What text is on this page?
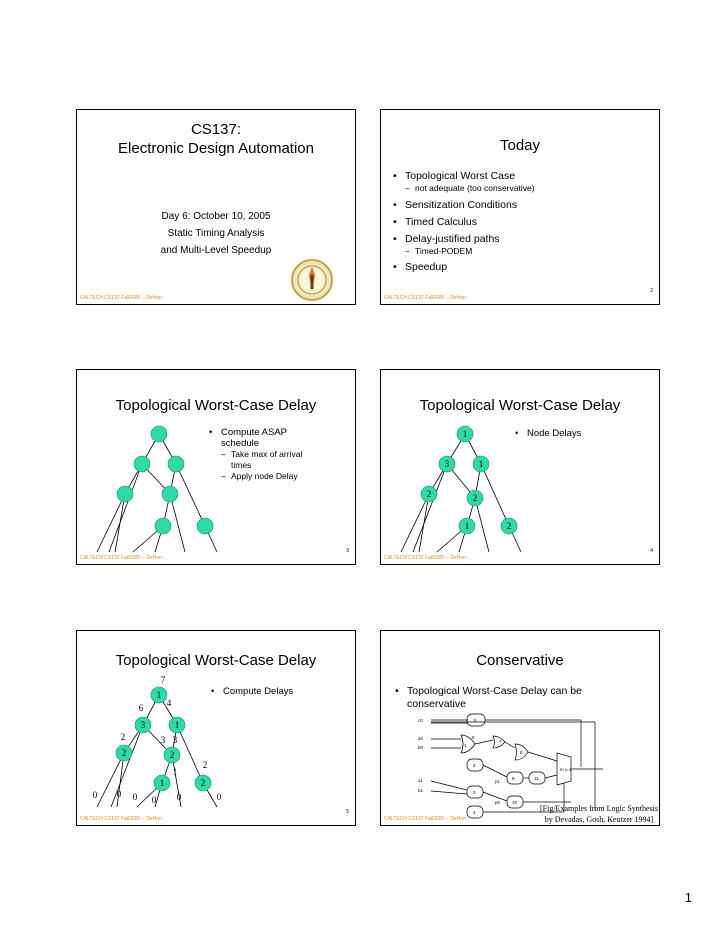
CS137:
Electronic Design Automation
Day 6: October 10, 2005
Static Timing Analysis
and Multi-Level Speedup
CALTECH CS137 Fall2005 -- DeHon
Today
• Topological Worst Case
– not adequate (too conservative)
• Sensitization Conditions
• Timed Calculus
• Delay-justified paths
– Timed-PODEM
• Speedup
2
CALTECH CS137 Fall2005 -- DeHon
Topological Worst-Case Delay
• Compute ASAP
schedule
– Take max of arrival
times
– Apply node Delay
3
CALTECH CS137 Fall2005 -- DeHon
Topological Worst-Case Delay
1
3	1
2	2
1	2
• Node Delays
4
CALTECH CS137 Fall2005 -- DeHon
Topological Worst-Case Delay
1
3	1
2	2
1	2
7
4
6
2	3 3
2
1
0 0 0 0 0	0
• Compute Delays
5
CALTECH CS137 Fall2005 -- DeHon
Conservative
• Topological Worst-Case Delay can be
conservative
c0
a0
b0
a1
b1
5
6
1
7
8
2
9	11
3
p1
p0	10
4
m u x
[Fig/Examples from Logic Synthesis
by Devadas, Gosh, Keutzer 1994]
CALTECH CS137 Fall2005 -- DeHon
1
